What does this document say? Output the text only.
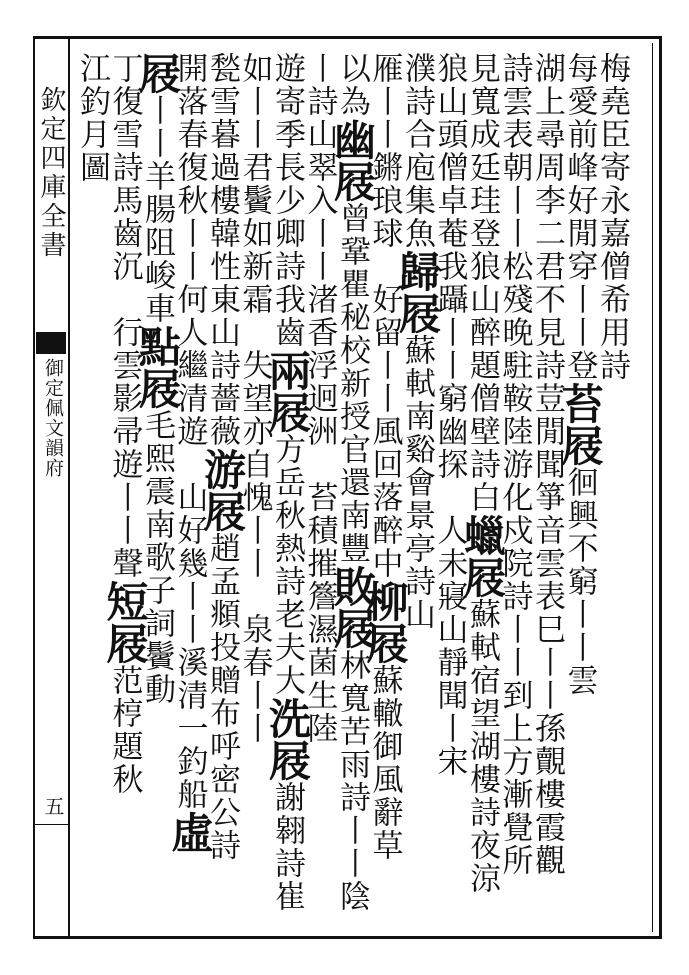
欽定四庫全書
御定佩文韻府
五
梅堯臣寄永嘉僧希用詩
每愛前峰好閒穿丨丨登苔屐徊興不窮丨丨雲
湖上尋周李二君不見詩荳閒聞箏音雲表巳丨丨孫覿樓霞觀
詩雲表朝丨丨松殘晚駐鞍陸游化戍院詩丨丨到上方漸覺所
見寬成廷珪登狼山醉題僧壁詩白蠟屐蘇軾宿望湖樓詩夜涼
狼山頭僧卓菴我躡丨丨窮幽探　人未寢山靜聞丨宋
濮詩合庖集魚歸屐蘇軾南谿會景亭詩山
雁丨丨鏘琅球　好留丨丨風回落醉中柳屐蘇轍御風辭草
以為幽屐曾鞏瞿秘校新授官還南豐敗屐林寬苦雨詩丨丨陰
丨詩山翠入丨丨渚香浮迥洲　苔積摧簷濕菌生陸
遊寄季長少卿詩我齒兩屐方岳秋熱詩老夫大洗屐謝翱詩崔
如丨丨君鬢如新霜　失望亦自愧丨丨　泉春丨丨
甃雪暮過樓韓性東山詩薔薇游屐趙孟頫投贈布呼密公詩
開落春復秋丨丨何人繼清遊　山好幾丨丨溪清一釣船虛
屐丨丨羊腸阻峻車點屐毛熙震南歌子詞鬢動
丁復雪詩馬齒沉　行雲影帚遊丨丨聲短屐范梈題秋
江釣月圖
